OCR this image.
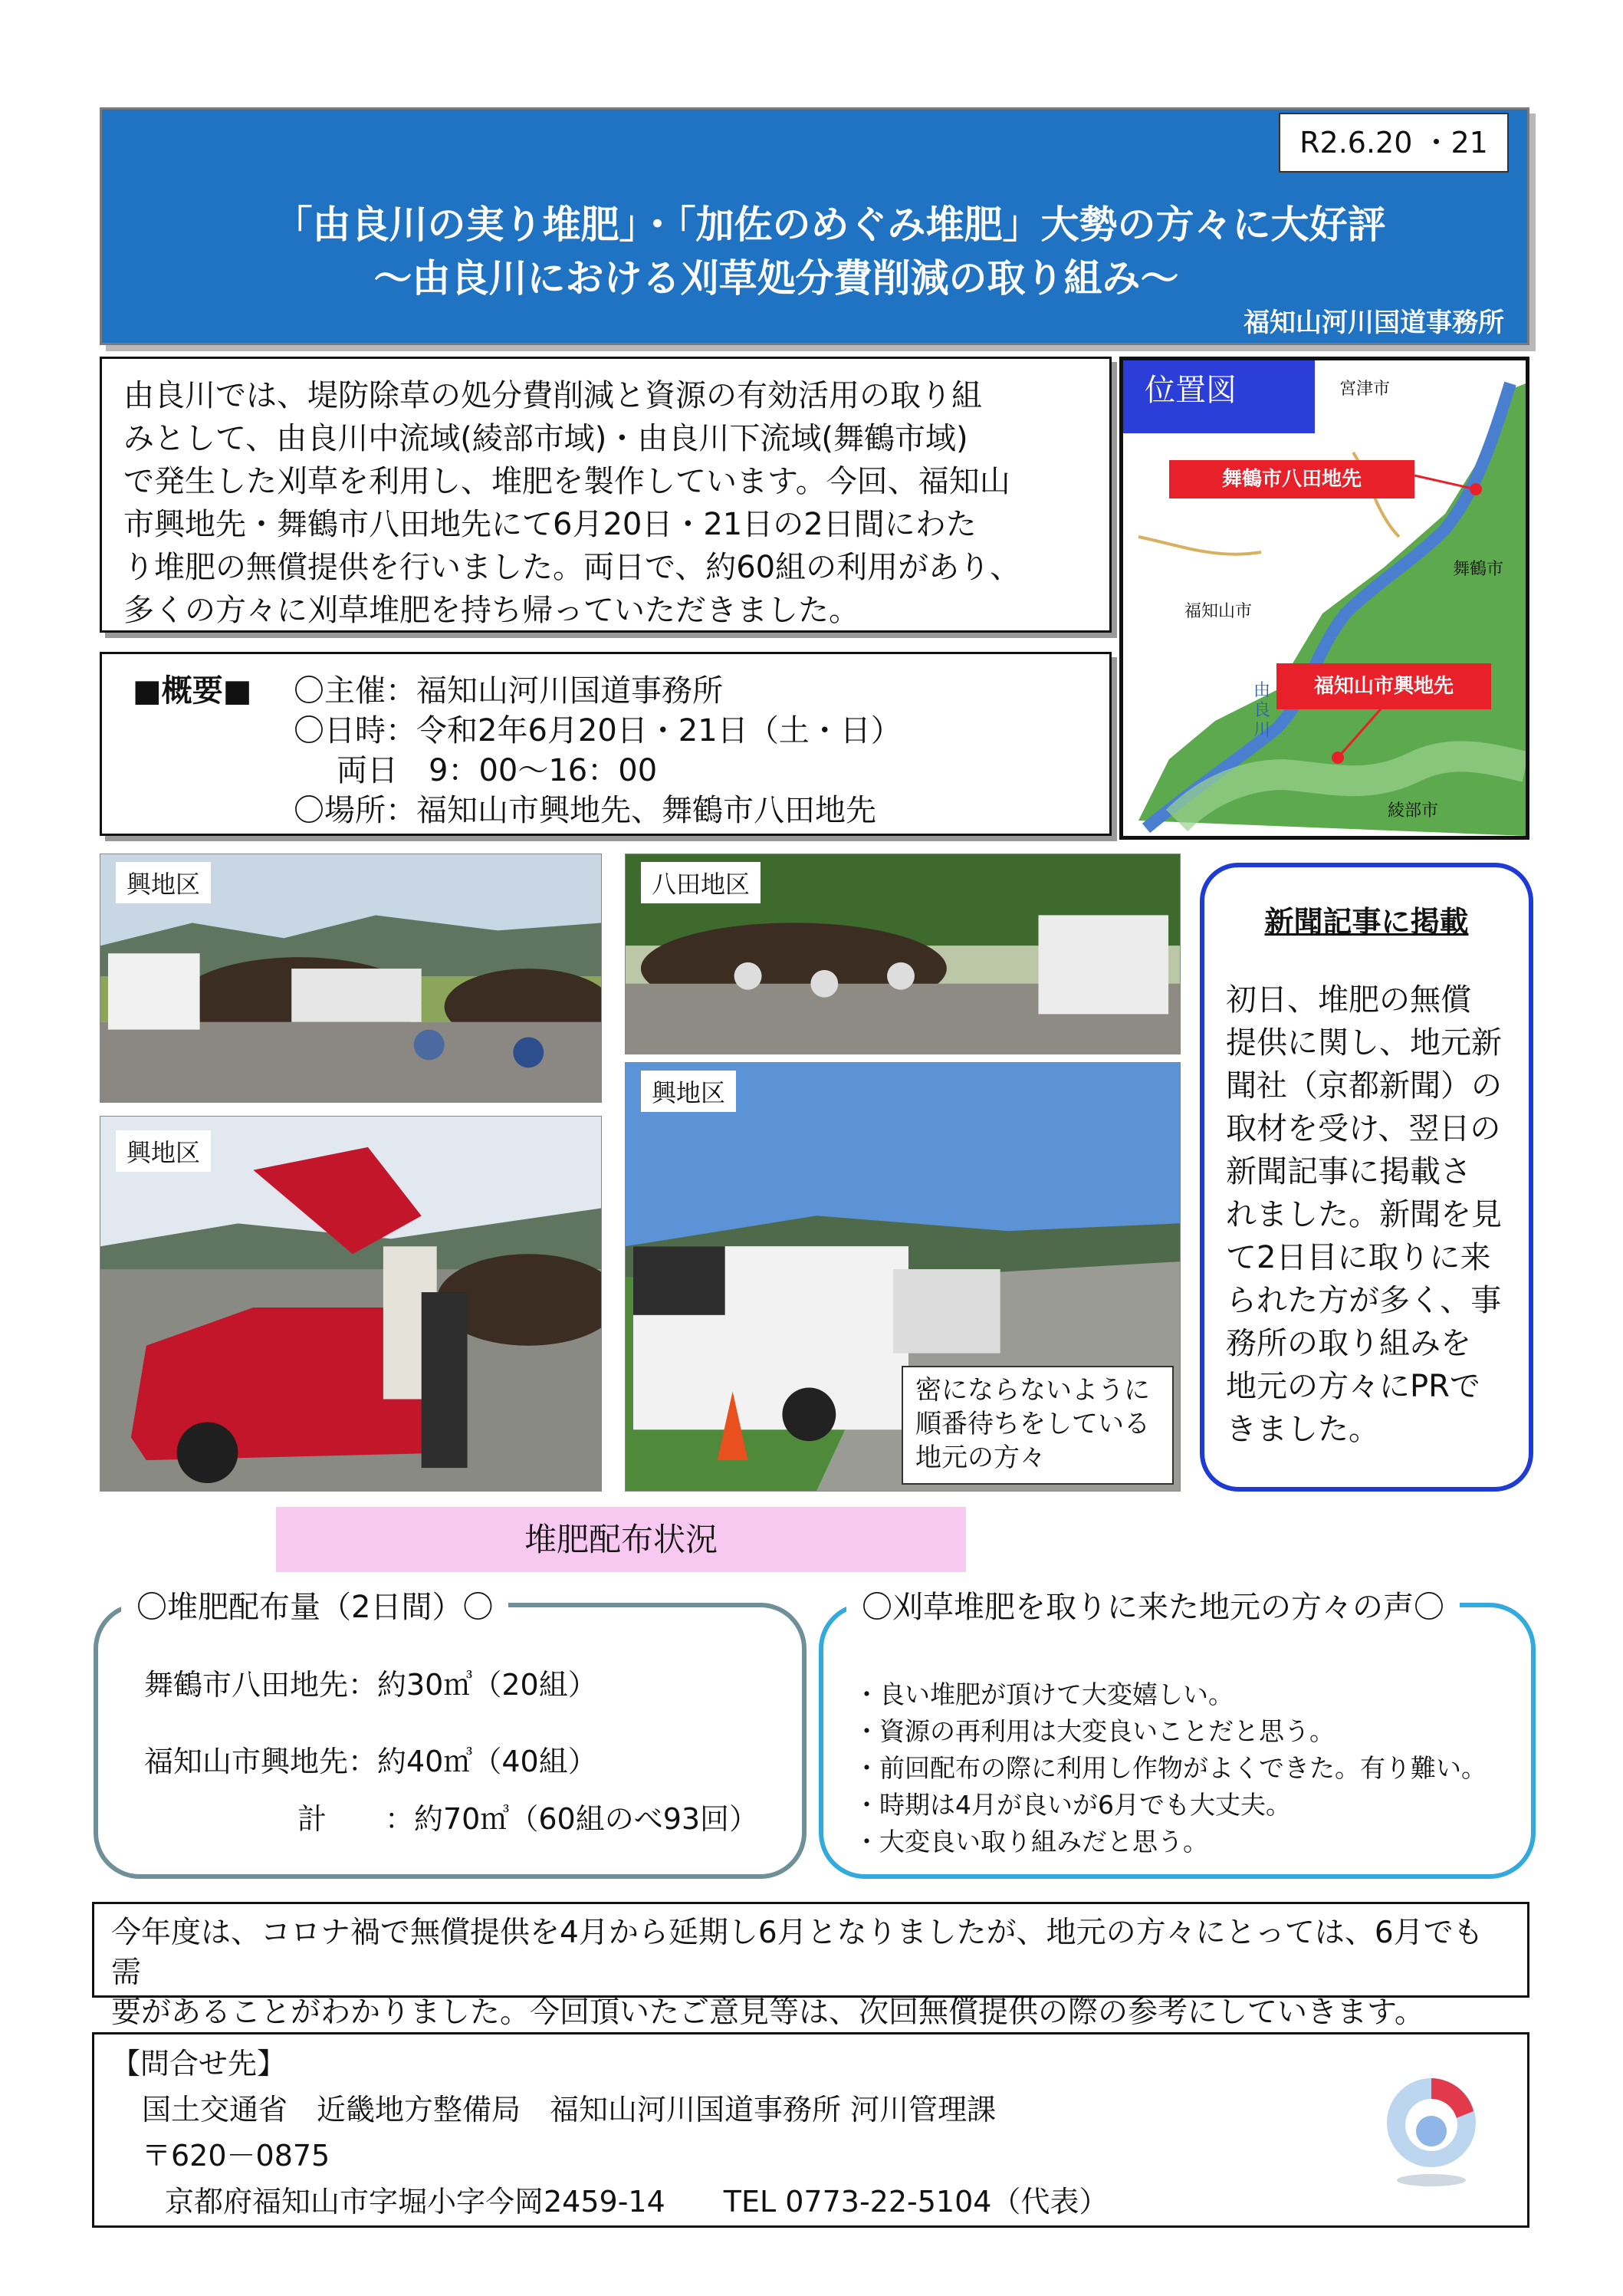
R2.6.20 ・21
「由良川の実り堆肥」・「加佐のめぐみ堆肥」大勢の方々に大好評
～由良川における刈草処分費削減の取り組み～
福知山河川国道事務所
由良川では、堤防除草の処分費削減と資源の有効活用の取り組
みとして、由良川中流域(綾部市域)・由良川下流域(舞鶴市域)
で発生した刈草を利用し、堆肥を製作しています。今回、福知山
市興地先・舞鶴市八田地先にて6月20日・21日の2日間にわた
り堆肥の無償提供を行いました。両日で、約60組の利用があり、
多くの方々に刈草堆肥を持ち帰っていただきました。
■概要■	〇主催：福知山河川国道事務所
〇日時：令和2年6月20日・21日（土・日）
両日　9：00～16：00
〇場所：福知山市興地先、舞鶴市八田地先
位置図	宮津市
舞鶴市
福知山市
綾部市
由良川
舞鶴市八田地先
福知山市興地先
興地区	八田地区
興地区
興地区
密にならないように
順番待ちをしている
地元の方々
新聞記事に掲載
初日、堆肥の無償
提供に関し、地元新
聞社（京都新聞）の
取材を受け、翌日の
新聞記事に掲載さ
れました。新聞を見
て2日目に取りに来
られた方が多く、事
務所の取り組みを
地元の方々にPRで
きました。
堆肥配布状況
〇堆肥配布量（2日間）〇
舞鶴市八田地先：約30㎥（20組）
福知山市興地先：約40㎥（40組）
計　　：約70㎥（60組のべ93回）
〇刈草堆肥を取りに来た地元の方々の声〇
・良い堆肥が頂けて大変嬉しい。
・資源の再利用は大変良いことだと思う。
・前回配布の際に利用し作物がよくできた。有り難い。
・時期は4月が良いが6月でも大丈夫。
・大変良い取り組みだと思う。
今年度は、コロナ禍で無償提供を4月から延期し6月となりましたが、地元の方々にとっては、6月でも需
要があることがわかりました。今回頂いたご意見等は、次回無償提供の際の参考にしていきます。
【問合せ先】
国土交通省　近畿地方整備局　福知山河川国道事務所 河川管理課
〒620－0875
京都府福知山市字堀小字今岡2459-14　　TEL 0773-22-5104（代表）
